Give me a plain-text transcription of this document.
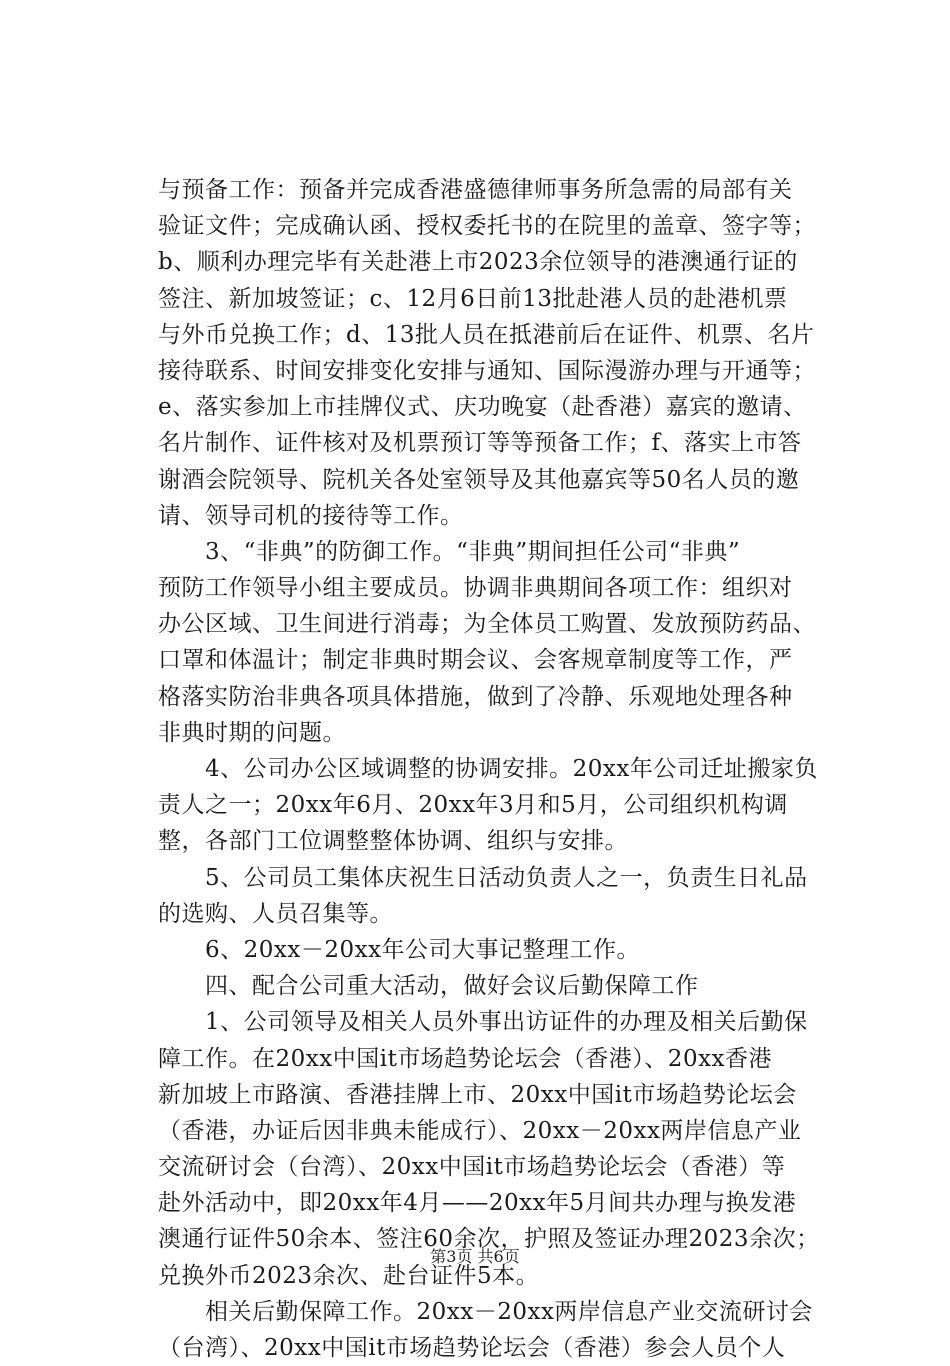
与预备工作：预备并完成香港盛德律师事务所急需的局部有关
验证文件；完成确认函、授权委托书的在院里的盖章、签字等；
b、顺利办理完毕有关赴港上市2023余位领导的港澳通行证的
签注、新加坡签证；c、12月6日前13批赴港人员的赴港机票
与外币兑换工作；d、13批人员在抵港前后在证件、机票、名片
接待联系、时间安排变化安排与通知、国际漫游办理与开通等；
e、落实参加上市挂牌仪式、庆功晚宴（赴香港）嘉宾的邀请、
名片制作、证件核对及机票预订等等预备工作；f、落实上市答
谢酒会院领导、院机关各处室领导及其他嘉宾等50名人员的邀
请、领导司机的接待等工作。
　　3、“非典”的防御工作。“非典”期间担任公司“非典”
预防工作领导小组主要成员。协调非典期间各项工作：组织对
办公区域、卫生间进行消毒；为全体员工购置、发放预防药品、
口罩和体温计；制定非典时期会议、会客规章制度等工作，严
格落实防治非典各项具体措施，做到了冷静、乐观地处理各种
非典时期的问题。
　　4、公司办公区域调整的协调安排。20xx年公司迁址搬家负
责人之一；20xx年6月、20xx年3月和5月，公司组织机构调
整，各部门工位调整整体协调、组织与安排。
　　5、公司员工集体庆祝生日活动负责人之一，负责生日礼品
的选购、人员召集等。
　　6、20xx－20xx年公司大事记整理工作。
　　四、配合公司重大活动，做好会议后勤保障工作
　　1、公司领导及相关人员外事出访证件的办理及相关后勤保
障工作。在20xx中国it市场趋势论坛会（香港）、20xx香港
新加坡上市路演、香港挂牌上市、20xx中国it市场趋势论坛会
（香港，办证后因非典未能成行）、20xx－20xx两岸信息产业
交流研讨会（台湾）、20xx中国it市场趋势论坛会（香港）等
赴外活动中，即20xx年4月——20xx年5月间共办理与换发港
澳通行证件50余本、签注60余次，护照及签证办理2023余次；
兑换外币2023余次、赴台证件5本。
　　相关后勤保障工作。20xx－20xx两岸信息产业交流研讨会
（台湾）、20xx中国it市场趋势论坛会（香港）参会人员个人
第3页 共6页
